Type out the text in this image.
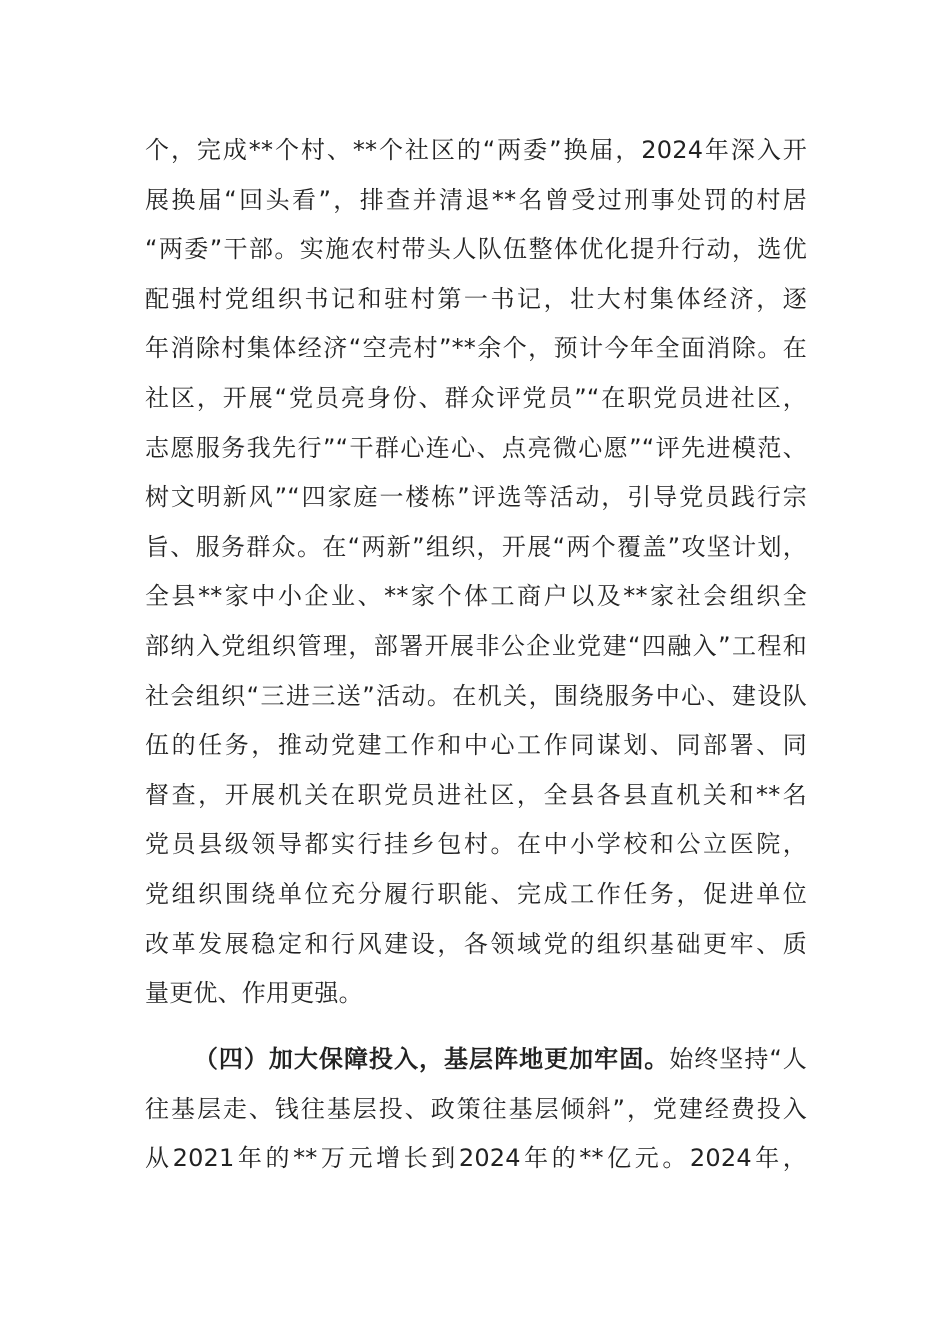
个，完成**个村、**个社区的“两委”换届，2024年深入开
展换届“回头看”，排查并清退**名曾受过刑事处罚的村居
“两委”干部。实施农村带头人队伍整体优化提升行动，选优
配强村党组织书记和驻村第一书记，壮大村集体经济，逐
年消除村集体经济“空壳村”**余个，预计今年全面消除。在
社区，开展“党员亮身份、群众评党员”“在职党员进社区，
志愿服务我先行”“干群心连心、点亮微心愿”“评先进模范、
树文明新风”“四家庭一楼栋”评选等活动，引导党员践行宗
旨、服务群众。在“两新”组织，开展“两个覆盖”攻坚计划，
全县**家中小企业、**家个体工商户以及**家社会组织全
部纳入党组织管理，部署开展非公企业党建“四融入”工程和
社会组织“三进三送”活动。在机关，围绕服务中心、建设队
伍的任务，推动党建工作和中心工作同谋划、同部署、同
督查，开展机关在职党员进社区，全县各县直机关和**名
党员县级领导都实行挂乡包村。在中小学校和公立医院，
党组织围绕单位充分履行职能、完成工作任务，促进单位
改革发展稳定和行风建设，各领域党的组织基础更牢、质
量更优、作用更强。
（四）加大保障投入，基层阵地更加牢固。始终坚持“人
往基层走、钱往基层投、政策往基层倾斜”，党建经费投入
从2021年的**万元增长到2024年的**亿元。2024年，
